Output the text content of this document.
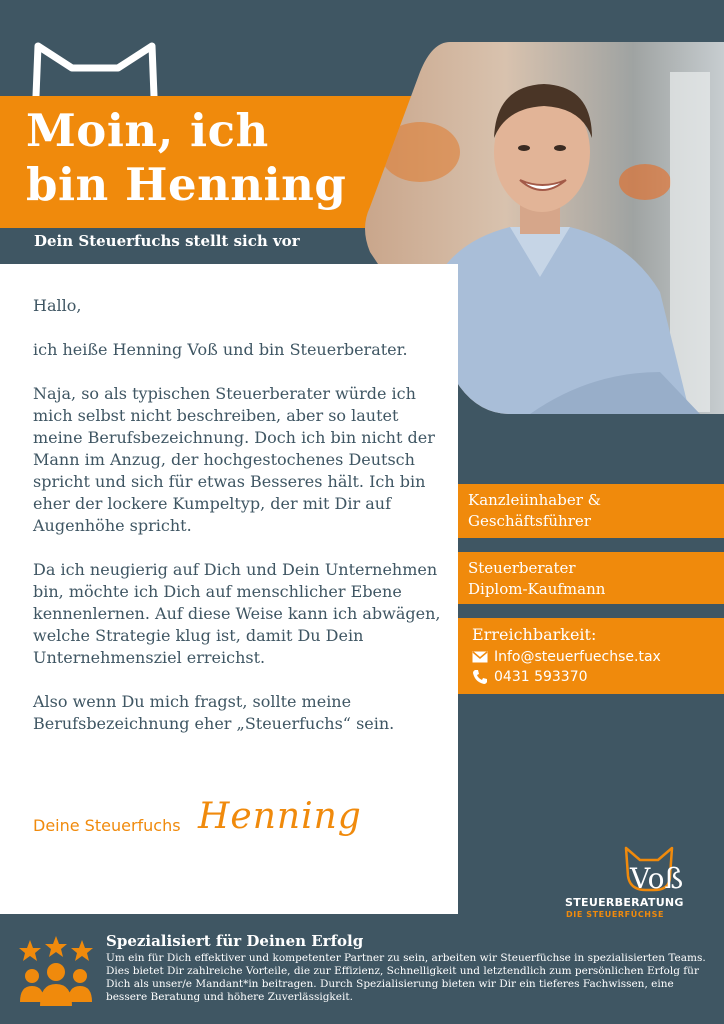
Moin, ich
bin Henning
Dein Steuerfuchs stellt sich vor

Hallo,

ich heiße Henning Voß und bin Steuerberater.

Naja, so als typischen Steuerberater würde ich mich selbst nicht beschreiben, aber so lautet meine Berufsbezeichnung. Doch ich bin nicht der Mann im Anzug, der hochgestochenes Deutsch spricht und sich für etwas Besseres hält. Ich bin eher der lockere Kumpeltyp, der mit Dir auf Augenhöhe spricht.

Da ich neugierig auf Dich und Dein Unternehmen bin, möchte ich Dich auf menschlicher Ebene kennenlernen. Auf diese Weise kann ich abwägen, welche Strategie klug ist, damit Du Dein Unternehmensziel erreichst.

Also wenn Du mich fragst, sollte meine Berufsbezeichnung eher „Steuerfuchs“ sein.

Deine Steuerfuchs Henning
Kanzleiinhaber &
Geschäftsführer
Steuerberater
Diplom-Kaufmann
Erreichbarkeit:
Info@steuerfuechse.tax
0431 593370
Voß
STEUERBERATUNG
DIE STEUERFÜCHSE
Spezialisiert für Deinen Erfolg
Um ein für Dich effektiver und kompetenter Partner zu sein, arbeiten wir Steuerfüchse in spezialisierten Teams. Dies bietet Dir zahlreiche Vorteile, die zur Effizienz, Schnelligkeit und letztendlich zum persönlichen Erfolg für Dich als unser/e Mandant*in beitragen. Durch Spezialisierung bieten wir Dir ein tieferes Fachwissen, eine bessere Beratung und höhere Zuverlässigkeit.
